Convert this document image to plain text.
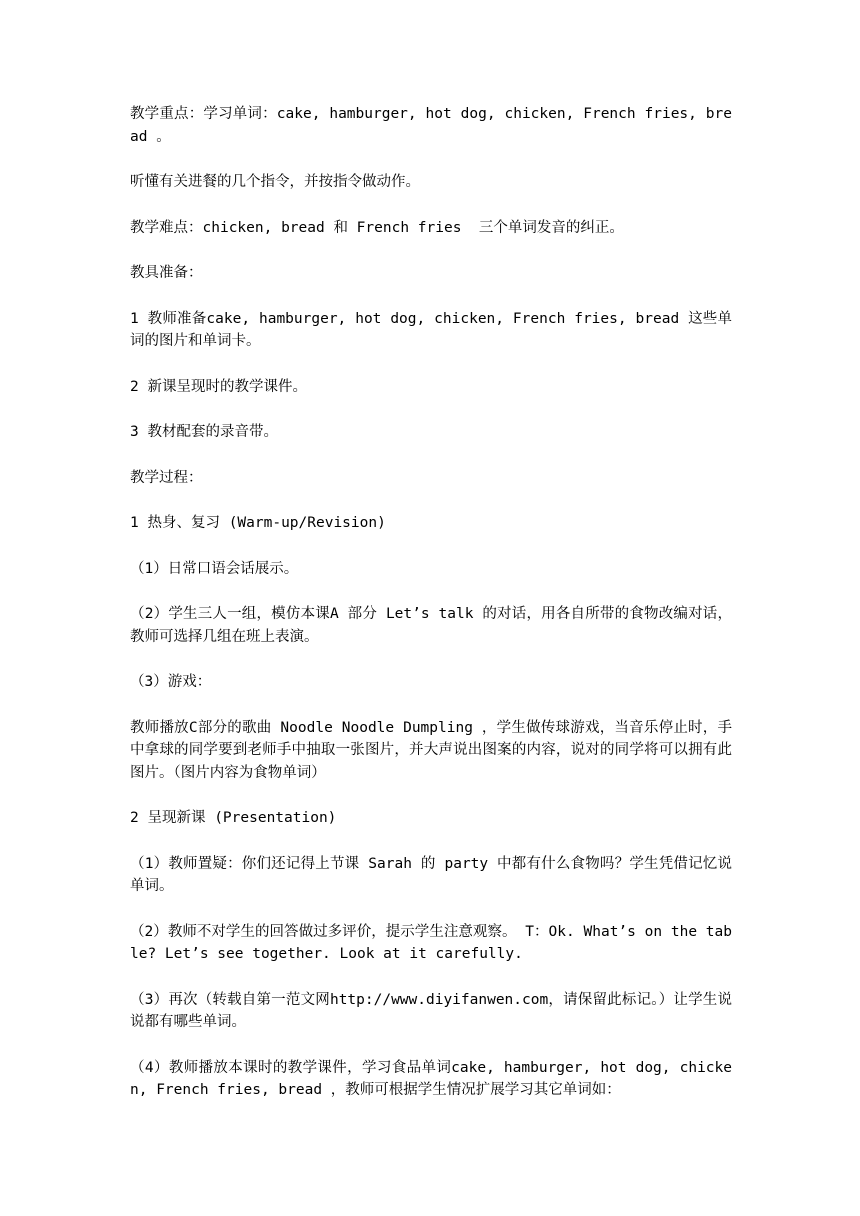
教学重点：学习单词：cake, hamburger, hot dog, chicken, French fries, bread 。

听懂有关进餐的几个指令，并按指令做动作。

教学难点：chicken, bread 和 French fries  三个单词发音的纠正。

教具准备：

1 教师准备cake, hamburger, hot dog, chicken, French fries, bread 这些单词的图片和单词卡。

2 新课呈现时的教学课件。

3 教材配套的录音带。

教学过程：

1 热身、复习 (Warm-up/Revision)

（1）日常口语会话展示。

（2）学生三人一组，模仿本课A 部分 Let’s talk 的对话，用各自所带的食物改编对话，教师可选择几组在班上表演。

（3）游戏：

教师播放C部分的歌曲 Noodle Noodle Dumpling ，学生做传球游戏，当音乐停止时，手中拿球的同学要到老师手中抽取一张图片，并大声说出图案的内容，说对的同学将可以拥有此图片。（图片内容为食物单词）

2 呈现新课 (Presentation)

（1）教师置疑：你们还记得上节课 Sarah 的 party 中都有什么食物吗？学生凭借记忆说单词。

（2）教师不对学生的回答做过多评价，提示学生注意观察。 T：Ok. What’s on the table? Let’s see together. Look at it carefully.

（3）再次（转载自第一范文网http://www.diyifanwen.com，请保留此标记。）让学生说说都有哪些单词。

（4）教师播放本课时的教学课件，学习食品单词cake, hamburger, hot dog, chicken, French fries, bread ，教师可根据学生情况扩展学习其它单词如：
